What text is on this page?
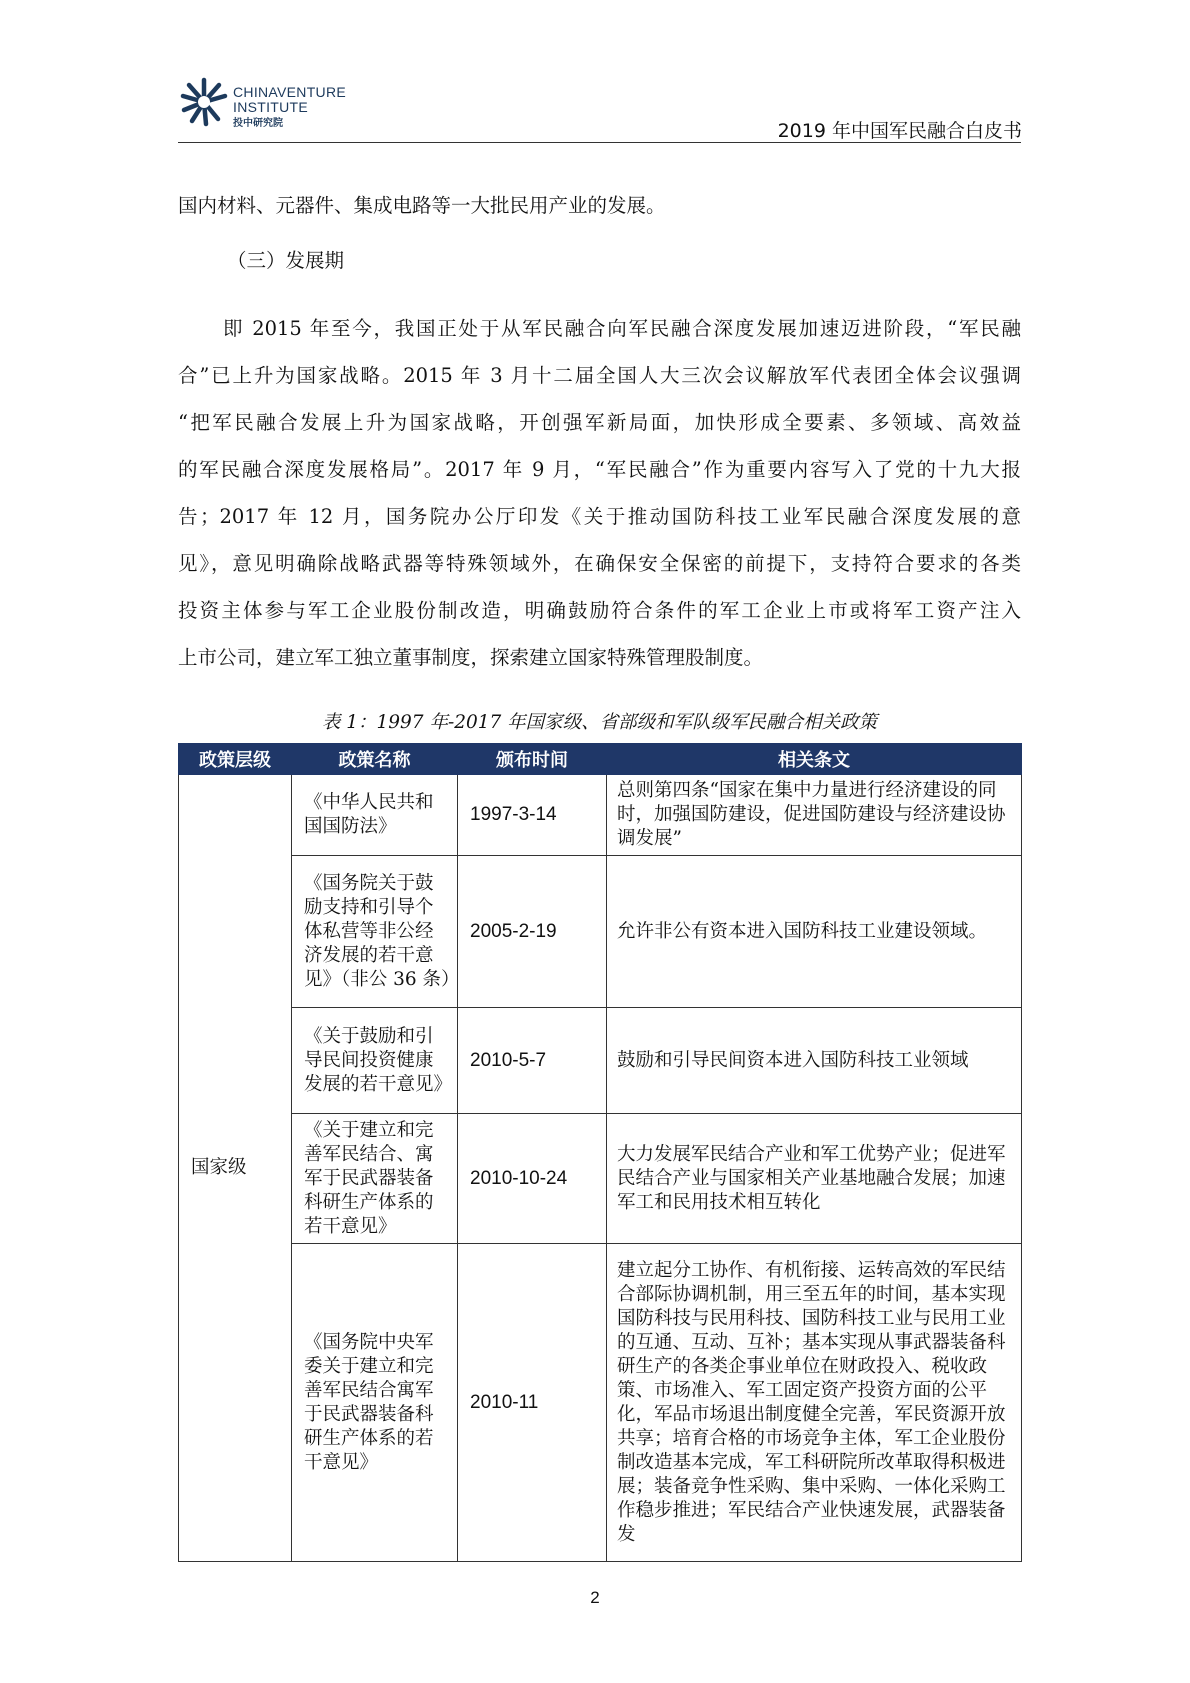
CHINAVENTURE
INSTITUTE
投中研究院	2019 年中国军民融合白皮书
国内材料、元器件、集成电路等一大批民用产业的发展。
（三）发展期
即 2015 年至今，我国正处于从军民融合向军民融合深度发展加速迈进阶段，“军民融
合”已上升为国家战略。2015 年 3 月十二届全国人大三次会议解放军代表团全体会议强调
“把军民融合发展上升为国家战略，开创强军新局面，加快形成全要素、多领域、高效益
的军民融合深度发展格局”。2017 年 9 月，“军民融合”作为重要内容写入了党的十九大报
告；2017 年 12 月，国务院办公厅印发《关于推动国防科技工业军民融合深度发展的意
见》，意见明确除战略武器等特殊领域外，在确保安全保密的前提下，支持符合要求的各类
投资主体参与军工企业股份制改造，明确鼓励符合条件的军工企业上市或将军工资产注入
上市公司，建立军工独立董事制度，探索建立国家特殊管理股制度。
表 1：1997 年-2017 年国家级、省部级和军队级军民融合相关政策
政策层级	政策名称	颁布时间	相关条文
国家级	《中华人民共和国国防法》	1997-3-14	总则第四条“国家在集中力量进行经济建设的同时，加强国防建设，促进国防建设与经济建设协调发展”
	《国务院关于鼓励支持和引导个体私营等非公经济发展的若干意见》（非公 36 条）	2005-2-19	允许非公有资本进入国防科技工业建设领域。
	《关于鼓励和引导民间投资健康发展的若干意见》	2010-5-7	鼓励和引导民间资本进入国防科技工业领域
	《关于建立和完善军民结合、寓军于民武器装备科研生产体系的若干意见》	2010-10-24	大力发展军民结合产业和军工优势产业；促进军民结合产业与国家相关产业基地融合发展；加速军工和民用技术相互转化
	《国务院中央军委关于建立和完善军民结合寓军于民武器装备科研生产体系的若干意见》	2010-11	建立起分工协作、有机衔接、运转高效的军民结合部际协调机制，用三至五年的时间，基本实现国防科技与民用科技、国防科技工业与民用工业的互通、互动、互补；基本实现从事武器装备科研生产的各类企事业单位在财政投入、税收政策、市场准入、军工固定资产投资方面的公平化，军品市场退出制度健全完善，军民资源开放共享；培育合格的市场竞争主体，军工企业股份制改造基本完成，军工科研院所改革取得积极进展；装备竞争性采购、集中采购、一体化采购工作稳步推进；军民结合产业快速发展，武器装备发
2
